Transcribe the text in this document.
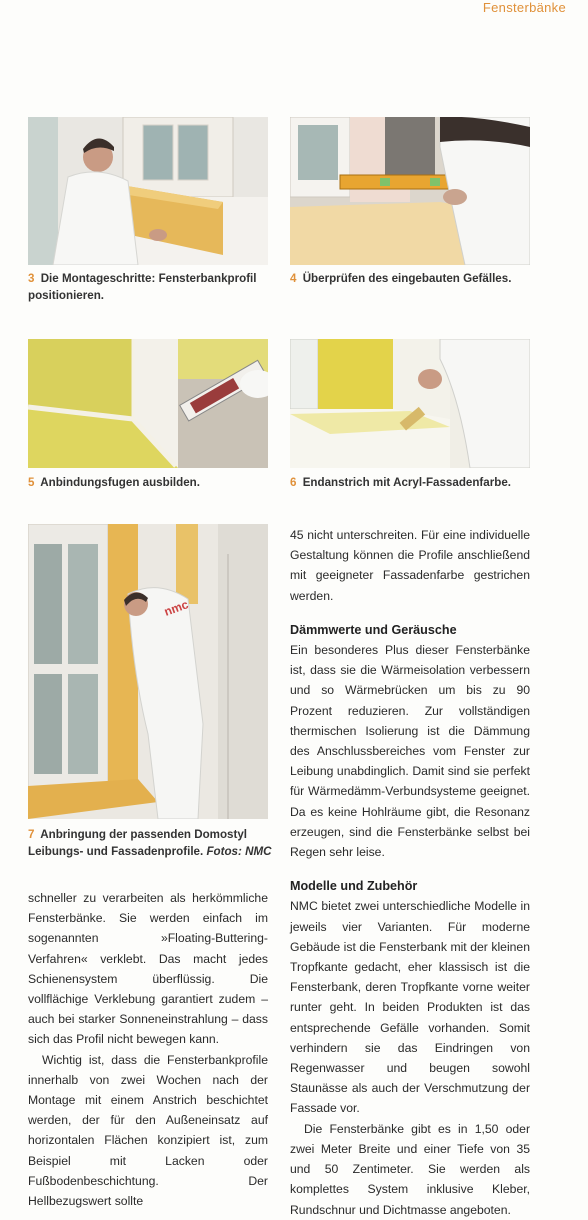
Fensterbänke
3 Die Montageschritte: Fensterbankprofil positionieren.
4 Überprüfen des eingebauten Gefälles.
5 Anbindungsfugen ausbilden.	6 Endanstrich mit Acryl-Fassadenfarbe.
nmc
7 Anbringung der passenden Domostyl Leibungs- und Fassadenprofile. Fotos: NMC

schneller zu verarbeiten als herkömmliche Fensterbänke. Sie werden einfach im sogenannten »Floating-Buttering-Verfahren« verklebt. Das macht jedes Schienensystem überflüssig. Die vollflächige Verklebung garantiert zudem – auch bei starker Sonneneinstrahlung – dass sich das Profil nicht bewegen kann.

Wichtig ist, dass die Fensterbankprofile innerhalb von zwei Wochen nach der Montage mit einem Anstrich beschichtet werden, der für den Außeneinsatz auf horizontalen Flächen konzipiert ist, zum Beispiel mit Lacken oder Fußbodenbeschichtung. Der Hellbezugswert sollte

45 nicht unterschreiten. Für eine individuelle Gestaltung können die Profile anschließend mit geeigneter Fassadenfarbe gestrichen werden.

Dämmwerte und Geräusche

Ein besonderes Plus dieser Fensterbänke ist, dass sie die Wärmeisolation verbessern und so Wärmebrücken um bis zu 90 Prozent reduzieren. Zur vollständigen thermischen Isolierung ist die Dämmung des Anschlussbereiches vom Fenster zur Leibung unabdinglich. Damit sind sie perfekt für Wärmedämm-Verbundsysteme geeignet. Da es keine Hohlräume gibt, die Resonanz erzeugen, sind die Fensterbänke selbst bei Regen sehr leise.

Modelle und Zubehör

NMC bietet zwei unterschiedliche Modelle in jeweils vier Varianten. Für moderne Gebäude ist die Fensterbank mit der kleinen Tropfkante gedacht, eher klassisch ist die Fensterbank, deren Tropfkante vorne weiter runter geht. In beiden Produkten ist das entsprechende Gefälle vorhanden. Somit verhindern sie das Eindringen von Regenwasser und beugen sowohl Staunässe als auch der Verschmutzung der Fassade vor.

Die Fensterbänke gibt es in 1,50 oder zwei Meter Breite und einer Tiefe von 35 und 50 Zentimeter. Sie werden als komplettes System inklusive Kleber, Rundschnur und Dichtmasse angeboten.
